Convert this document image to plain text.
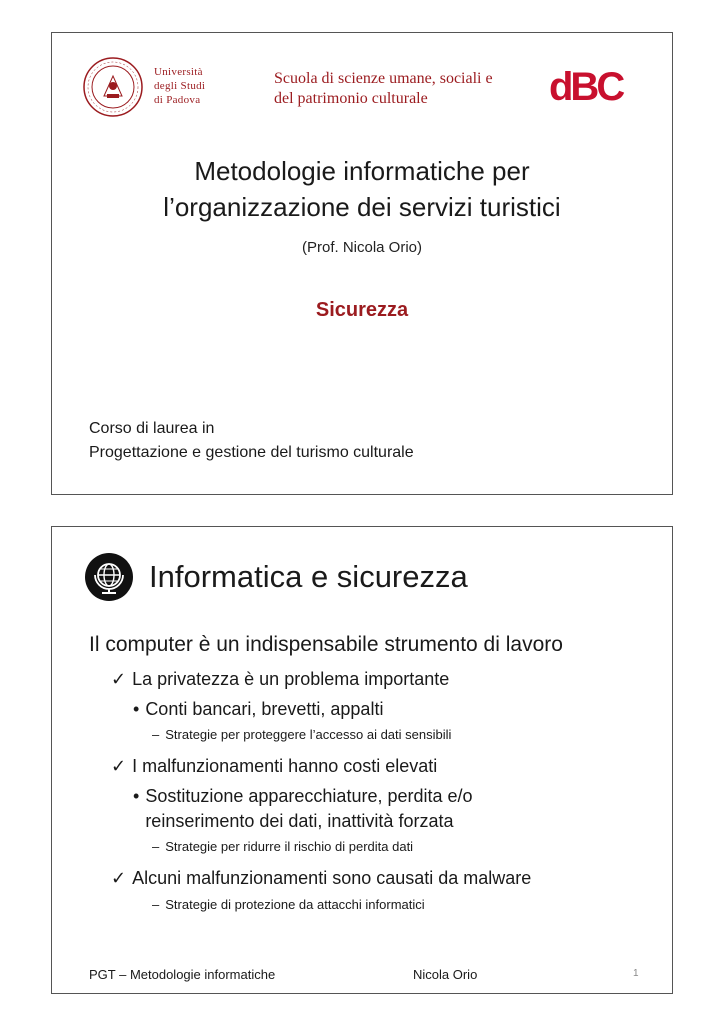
Università
degli Studi
di Padova
Scuola di scienze umane, sociali e
del patrimonio culturale	dBC
Metodologie informatiche per
l’organizzazione dei servizi turistici
(Prof. Nicola Orio)
Sicurezza
Corso di laurea in
Progettazione e gestione del turismo culturale
Informatica e sicurezza
Il computer è un indispensabile strumento di lavoro
✓ La privatezza è un problema importante
• Conti bancari, brevetti, appalti
– Strategie per proteggere l’accesso ai dati sensibili
✓ I malfunzionamenti hanno costi elevati
• Sostituzione apparecchiature, perdita e/o
reinserimento dei dati, inattività forzata
– Strategie per ridurre il rischio di perdita dati
✓ Alcuni malfunzionamenti sono causati da malware
– Strategie di protezione da attacchi informatici
PGT – Metodologie informatiche	Nicola Orio	1
